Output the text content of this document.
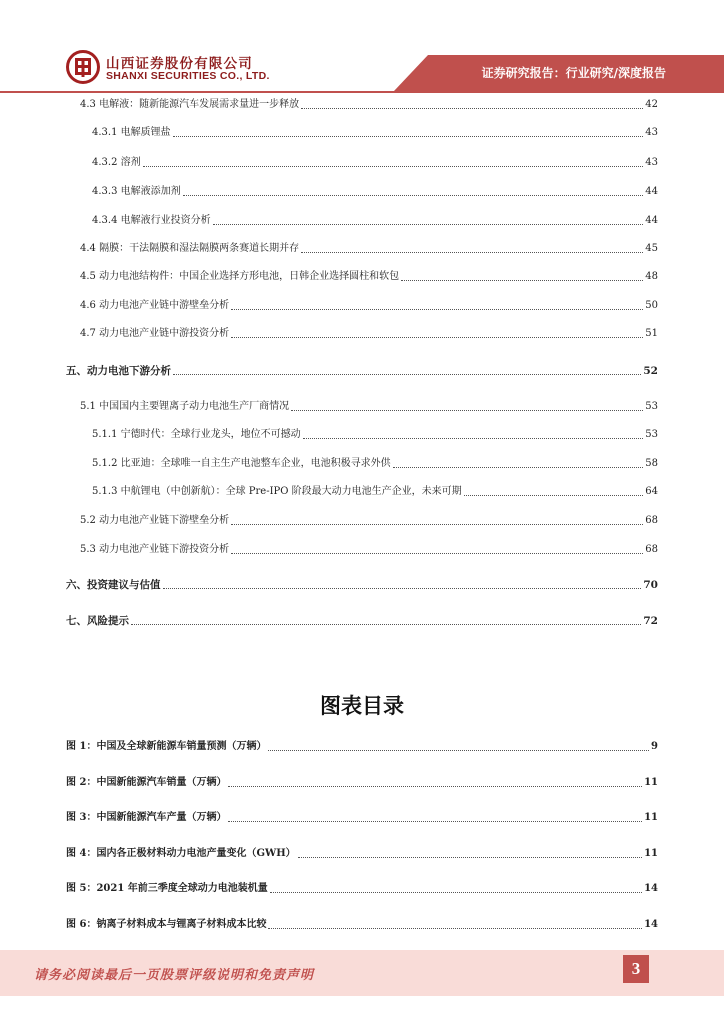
山西证券股份有限公司
SHANXI SECURITIES CO., LTD.	证券研究报告：行业研究/深度报告
4.3 电解液：随新能源汽车发展需求量进一步释放	42
4.3.1 电解质锂盐	43
4.3.2 溶剂	43
4.3.3 电解液添加剂	44
4.3.4 电解液行业投资分析	44
4.4 隔膜：干法隔膜和湿法隔膜两条赛道长期并存	45
4.5 动力电池结构件：中国企业选择方形电池，日韩企业选择圆柱和软包	48
4.6 动力电池产业链中游壁垒分析	50
4.7 动力电池产业链中游投资分析	51
五、动力电池下游分析	52
5.1 中国国内主要锂离子动力电池生产厂商情况	53
5.1.1 宁德时代：全球行业龙头，地位不可撼动	53
5.1.2 比亚迪：全球唯一自主生产电池整车企业，电池积极寻求外供	58
5.1.3 中航锂电（中创新航）：全球 Pre-IPO 阶段最大动力电池生产企业，未来可期	64
5.2 动力电池产业链下游壁垒分析	68
5.3 动力电池产业链下游投资分析	68
六、投资建议与估值	70
七、风险提示	72
图表目录
图 1：中国及全球新能源车销量预测（万辆）	9
图 2：中国新能源汽车销量（万辆）	11
图 3：中国新能源汽车产量（万辆）	11
图 4：国内各正极材料动力电池产量变化（GWH）	11
图 5：2021 年前三季度全球动力电池装机量	14
图 6：钠离子材料成本与锂离子材料成本比较	14
请务必阅读最后一页股票评级说明和免责声明	3
